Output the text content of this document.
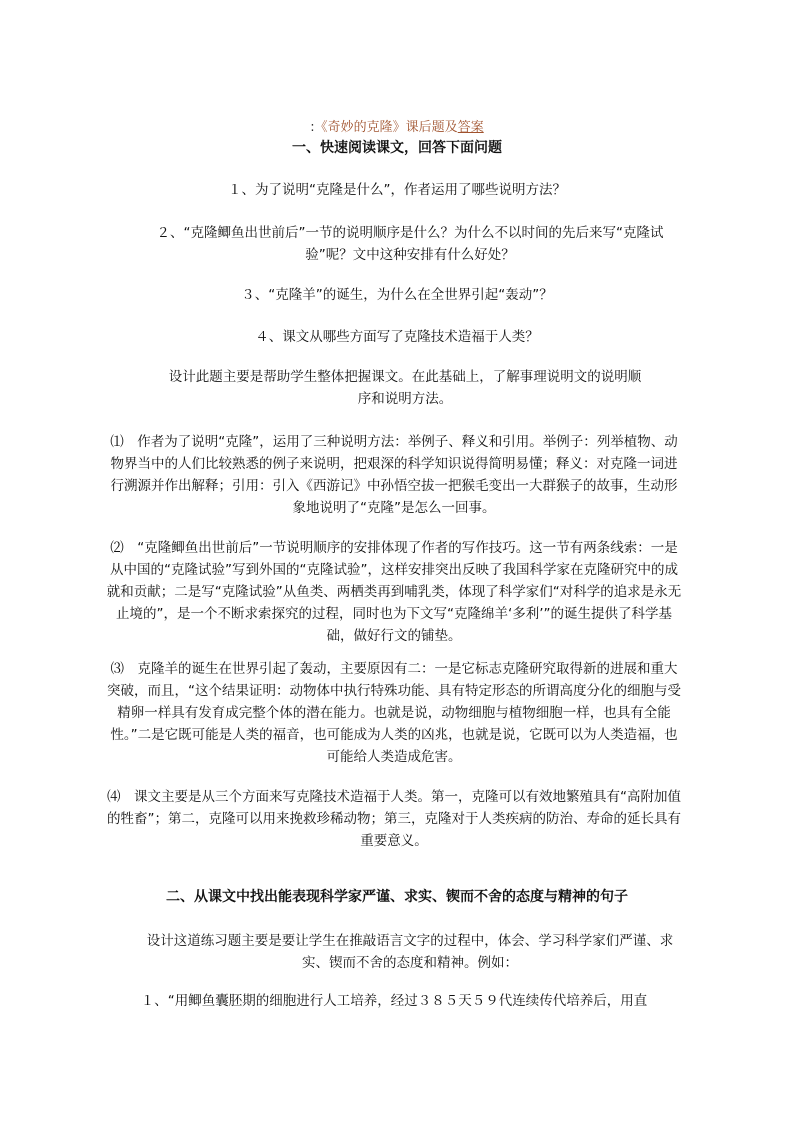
:《奇妙的克隆》课后题及答案
一、快速阅读课文，回答下面问题
１、为了说明“克隆是什么”，作者运用了哪些说明方法？
２、“克隆鲫鱼出世前后”一节的说明顺序是什么？为什么不以时间的先后来写“克隆试验”呢？文中这种安排有什么好处？
３、“克隆羊”的诞生，为什么在全世界引起“轰动”？
４、课文从哪些方面写了克隆技术造福于人类？
设计此题主要是帮助学生整体把握课文。在此基础上，了解事理说明文的说明顺序和说明方法。
⑴　作者为了说明“克隆”，运用了三种说明方法：举例子、释义和引用。举例子：列举植物、动物界当中的人们比较熟悉的例子来说明，把艰深的科学知识说得简明易懂；释义：对克隆一词进行溯源并作出解释；引用：引入《西游记》中孙悟空拔一把猴毛变出一大群猴子的故事，生动形象地说明了“克隆”是怎么一回事。
⑵　“克隆鲫鱼出世前后”一节说明顺序的安排体现了作者的写作技巧。这一节有两条线索：一是从中国的“克隆试验”写到外国的“克隆试验”，这样安排突出反映了我国科学家在克隆研究中的成就和贡献；二是写“克隆试验”从鱼类、两栖类再到哺乳类，体现了科学家们“对科学的追求是永无止境的”，是一个不断求索探究的过程，同时也为下文写“克隆绵羊‘多利’”的诞生提供了科学基础，做好行文的铺垫。
⑶　克隆羊的诞生在世界引起了轰动，主要原因有二：一是它标志克隆研究取得新的进展和重大突破，而且，“这个结果证明：动物体中执行特殊功能、具有特定形态的所谓高度分化的细胞与受精卵一样具有发育成完整个体的潜在能力。也就是说，动物细胞与植物细胞一样，也具有全能性。”二是它既可能是人类的福音，也可能成为人类的凶兆，也就是说，它既可以为人类造福，也可能给人类造成危害。
⑷　课文主要是从三个方面来写克隆技术造福于人类。第一，克隆可以有效地繁殖具有“高附加值的牲畜”；第二，克隆可以用来挽救珍稀动物；第三，克隆对于人类疾病的防治、寿命的延长具有重要意义。
二、从课文中找出能表现科学家严谨、求实、锲而不舍的态度与精神的句子
设计这道练习题主要是要让学生在推敲语言文字的过程中，体会、学习科学家们严谨、求实、锲而不舍的态度和精神。例如：
１、“用鲫鱼囊胚期的细胞进行人工培养，经过３８５天５９代连续传代培养后，用直
